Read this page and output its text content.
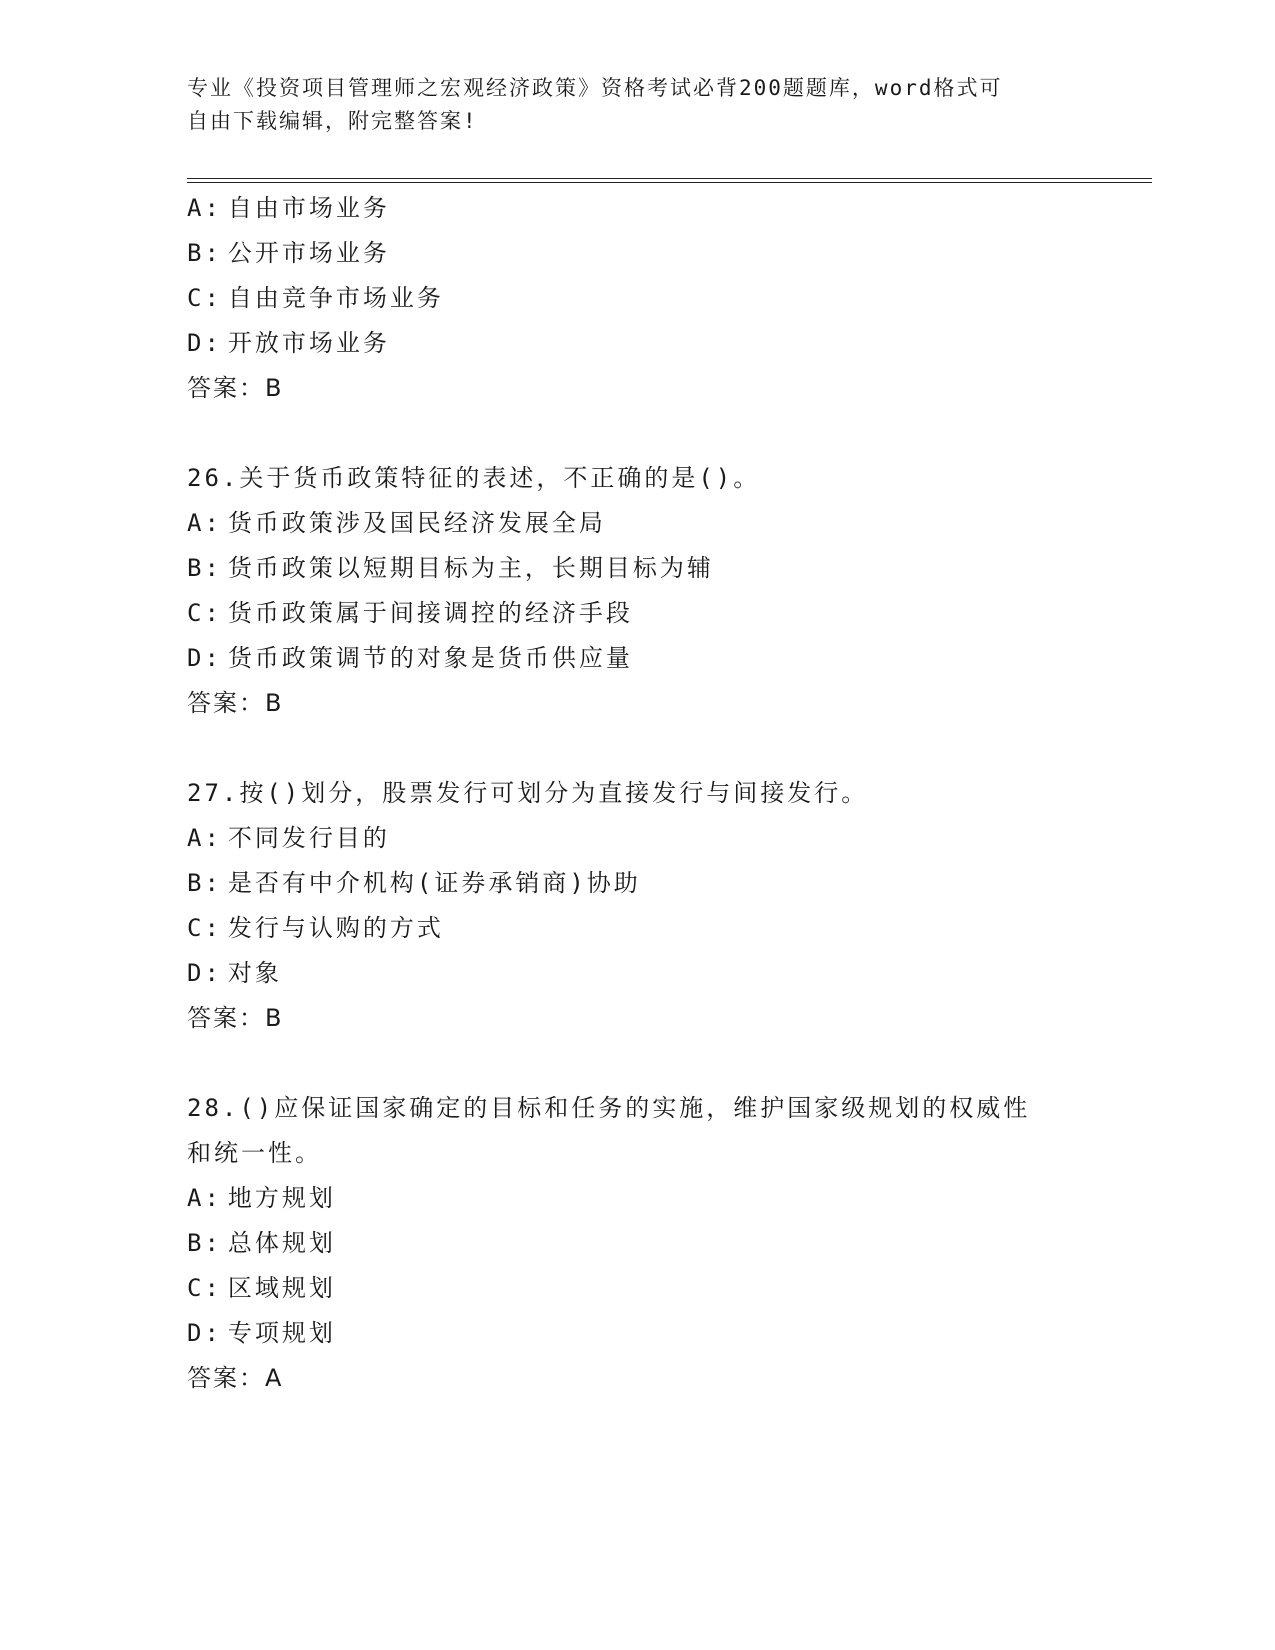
专业《投资项目管理师之宏观经济政策》资格考试必背200题题库，word格式可
自由下载编辑，附完整答案!
A: 自由市场业务
B: 公开市场业务
C: 自由竞争市场业务
D: 开放市场业务
答案：B
26.关于货币政策特征的表述，不正确的是()。
A: 货币政策涉及国民经济发展全局
B: 货币政策以短期目标为主，长期目标为辅
C: 货币政策属于间接调控的经济手段
D: 货币政策调节的对象是货币供应量
答案：B
27.按()划分，股票发行可划分为直接发行与间接发行。
A: 不同发行目的
B: 是否有中介机构(证券承销商)协助
C: 发行与认购的方式
D: 对象
答案：B
28.()应保证国家确定的目标和任务的实施，维护国家级规划的权威性
和统一性。
A: 地方规划
B: 总体规划
C: 区域规划
D: 专项规划
答案：A
